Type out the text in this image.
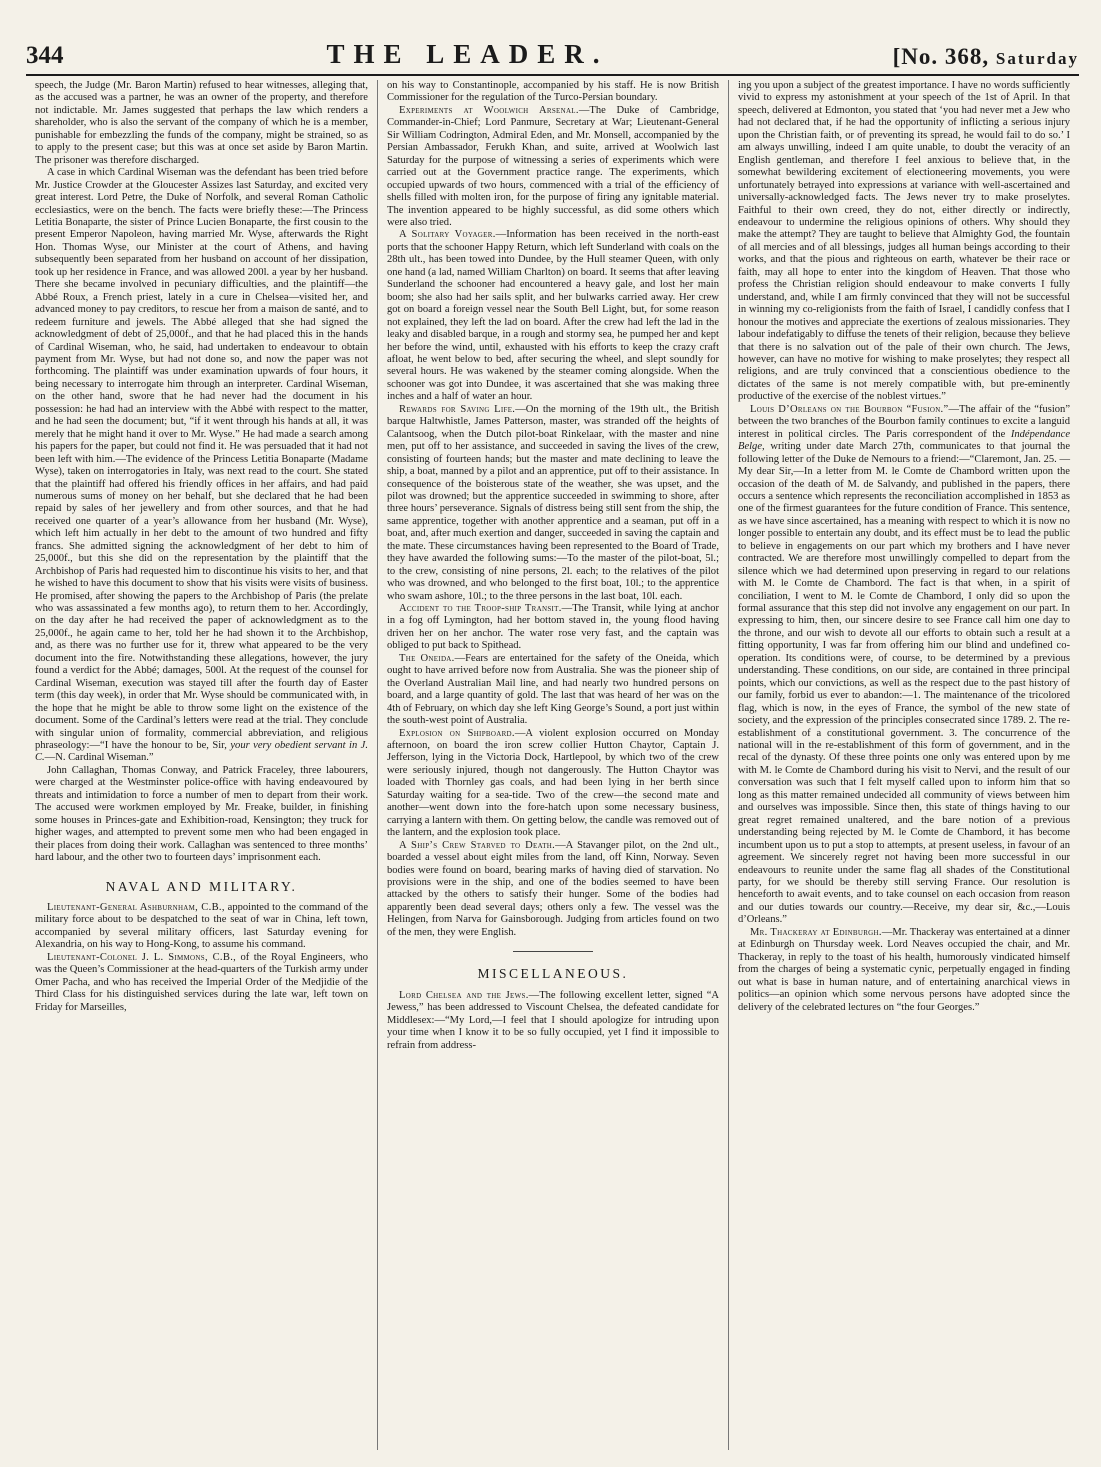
344	THE LEADER.	[No. 368, Saturday

speech, the Judge (Mr. Baron Martin) refused to hear witnesses, alleging that, as the accused was a partner, he was an owner of the property, and therefore not indictable. Mr. James suggested that perhaps the law which renders a shareholder, who is also the servant of the company of which he is a member, punishable for embezzling the funds of the company, might be strained, so as to apply to the present case; but this was at once set aside by Baron Martin. The prisoner was therefore discharged.

A case in which Cardinal Wiseman was the defendant has been tried before Mr. Justice Crowder at the Gloucester Assizes last Saturday, and excited very great interest. Lord Petre, the Duke of Norfolk, and several Roman Catholic ecclesiastics, were on the bench. The facts were briefly these:—The Princess Letitia Bonaparte, the sister of Prince Lucien Bonaparte, the first cousin to the present Emperor Napoleon, having married Mr. Wyse, afterwards the Right Hon. Thomas Wyse, our Minister at the court of Athens, and having subsequently been separated from her husband on account of her dissipation, took up her residence in France, and was allowed 200l. a year by her husband. There she became involved in pecuniary difficulties, and the plaintiff—the Abbé Roux, a French priest, lately in a cure in Chelsea—visited her, and advanced money to pay creditors, to rescue her from a maison de santé, and to redeem furniture and jewels. The Abbé alleged that she had signed the acknowledgment of debt of 25,000f., and that he had placed this in the hands of Cardinal Wiseman, who, he said, had undertaken to endeavour to obtain payment from Mr. Wyse, but had not done so, and now the paper was not forthcoming. The plaintiff was under examination upwards of four hours, it being necessary to interrogate him through an interpreter. Cardinal Wiseman, on the other hand, swore that he had never had the document in his possession: he had had an interview with the Abbé with respect to the matter, and he had seen the document; but, “if it went through his hands at all, it was merely that he might hand it over to Mr. Wyse.” He had made a search among his papers for the paper, but could not find it. He was persuaded that it had not been left with him.—The evidence of the Princess Letitia Bonaparte (Madame Wyse), taken on interrogatories in Italy, was next read to the court. She stated that the plaintiff had offered his friendly offices in her affairs, and had paid numerous sums of money on her behalf, but she declared that he had been repaid by sales of her jewellery and from other sources, and that he had received one quarter of a year’s allowance from her husband (Mr. Wyse), which left him actually in her debt to the amount of two hundred and fifty francs. She admitted signing the acknowledgment of her debt to him of 25,000f., but this she did on the representation by the plaintiff that the Archbishop of Paris had requested him to discontinue his visits to her, and that he wished to have this document to show that his visits were visits of business. He promised, after showing the papers to the Archbishop of Paris (the prelate who was assassinated a few months ago), to return them to her. Accordingly, on the day after he had received the paper of acknowledgment as to the 25,000f., he again came to her, told her he had shown it to the Archbishop, and, as there was no further use for it, threw what appeared to be the very document into the fire. Notwithstanding these allegations, however, the jury found a verdict for the Abbé; damages, 500l. At the request of the counsel for Cardinal Wiseman, execution was stayed till after the fourth day of Easter term (this day week), in order that Mr. Wyse should be communicated with, in the hope that he might be able to throw some light on the existence of the document. Some of the Cardinal’s letters were read at the trial. They conclude with singular union of formality, commercial abbreviation, and religious phraseology:—“I have the honour to be, Sir, your very obedient servant in J. C.—N. Cardinal Wiseman.”

John Callaghan, Thomas Conway, and Patrick Fraceley, three labourers, were charged at the Westminster police-office with having endeavoured by threats and intimidation to force a number of men to depart from their work. The accused were workmen employed by Mr. Freake, builder, in finishing some houses in Princes-gate and Exhibition-road, Kensington; they truck for higher wages, and attempted to prevent some men who had been engaged in their places from doing their work. Callaghan was sentenced to three months’ hard labour, and the other two to fourteen days’ imprisonment each.

NAVAL AND MILITARY.

Lieutenant-General Ashburnham, C.B., appointed to the command of the military force about to be despatched to the seat of war in China, left town, accompanied by several military officers, last Saturday evening for Alexandria, on his way to Hong-Kong, to assume his command.

Lieutenant-Colonel J. L. Simmons, C.B., of the Royal Engineers, who was the Queen’s Commissioner at the head-quarters of the Turkish army under Omer Pacha, and who has received the Imperial Order of the Medjidie of the Third Class for his distinguished services during the late war, left town on Friday for Marseilles,

on his way to Constantinople, accompanied by his staff. He is now British Commissioner for the regulation of the Turco-Persian boundary.

Experiments at Woolwich Arsenal.—The Duke of Cambridge, Commander-in-Chief; Lord Panmure, Secretary at War; Lieutenant-General Sir William Codrington, Admiral Eden, and Mr. Monsell, accompanied by the Persian Ambassador, Ferukh Khan, and suite, arrived at Woolwich last Saturday for the purpose of witnessing a series of experiments which were carried out at the Government practice range. The experiments, which occupied upwards of two hours, commenced with a trial of the efficiency of shells filled with molten iron, for the purpose of firing any ignitable material. The invention appeared to be highly successful, as did some others which were also tried.

A Solitary Voyager.—Information has been received in the north-east ports that the schooner Happy Return, which left Sunderland with coals on the 28th ult., has been towed into Dundee, by the Hull steamer Queen, with only one hand (a lad, named William Charlton) on board. It seems that after leaving Sunderland the schooner had encountered a heavy gale, and lost her main boom; she also had her sails split, and her bulwarks carried away. Her crew got on board a foreign vessel near the South Bell Light, but, for some reason not explained, they left the lad on board. After the crew had left the lad in the leaky and disabled barque, in a rough and stormy sea, he pumped her and kept her before the wind, until, exhausted with his efforts to keep the crazy craft afloat, he went below to bed, after securing the wheel, and slept soundly for several hours. He was wakened by the steamer coming alongside. When the schooner was got into Dundee, it was ascertained that she was making three inches and a half of water an hour.

Rewards for Saving Life.—On the morning of the 19th ult., the British barque Haltwhistle, James Patterson, master, was stranded off the heights of Calantsoog, when the Dutch pilot-boat Rinkelaar, with the master and nine men, put off to her assistance, and succeeded in saving the lives of the crew, consisting of fourteen hands; but the master and mate declining to leave the ship, a boat, manned by a pilot and an apprentice, put off to their assistance. In consequence of the boisterous state of the weather, she was upset, and the pilot was drowned; but the apprentice succeeded in swimming to shore, after three hours’ perseverance. Signals of distress being still sent from the ship, the same apprentice, together with another apprentice and a seaman, put off in a boat, and, after much exertion and danger, succeeded in saving the captain and the mate. These circumstances having been represented to the Board of Trade, they have awarded the following sums:—To the master of the pilot-boat, 5l.; to the crew, consisting of nine persons, 2l. each; to the relatives of the pilot who was drowned, and who belonged to the first boat, 10l.; to the apprentice who swam ashore, 10l.; to the three persons in the last boat, 10l. each.

Accident to the Troop-ship Transit.—The Transit, while lying at anchor in a fog off Lymington, had her bottom staved in, the young flood having driven her on her anchor. The water rose very fast, and the captain was obliged to put back to Spithead.

The Oneida.—Fears are entertained for the safety of the Oneida, which ought to have arrived before now from Australia. She was the pioneer ship of the Overland Australian Mail line, and had nearly two hundred persons on board, and a large quantity of gold. The last that was heard of her was on the 4th of February, on which day she left King George’s Sound, a port just within the south-west point of Australia.

Explosion on Shipboard.—A violent explosion occurred on Monday afternoon, on board the iron screw collier Hutton Chaytor, Captain J. Jefferson, lying in the Victoria Dock, Hartlepool, by which two of the crew were seriously injured, though not dangerously. The Hutton Chaytor was loaded with Thornley gas coals, and had been lying in her berth since Saturday waiting for a sea-tide. Two of the crew—the second mate and another—went down into the fore-hatch upon some necessary business, carrying a lantern with them. On getting below, the candle was removed out of the lantern, and the explosion took place.

A Ship’s Crew Starved to Death.—A Stavanger pilot, on the 2nd ult., boarded a vessel about eight miles from the land, off Kinn, Norway. Seven bodies were found on board, bearing marks of having died of starvation. No provisions were in the ship, and one of the bodies seemed to have been attacked by the others to satisfy their hunger. Some of the bodies had apparently been dead several days; others only a few. The vessel was the Helingen, from Narva for Gainsborough. Judging from articles found on two of the men, they were English.

MISCELLANEOUS.

Lord Chelsea and the Jews.—The following excellent letter, signed “A Jewess,” has been addressed to Viscount Chelsea, the defeated candidate for Middlesex:—“My Lord,—I feel that I should apologize for intruding upon your time when I know it to be so fully occupied, yet I find it impossible to refrain from address-

ing you upon a subject of the greatest importance. I have no words sufficiently vivid to express my astonishment at your speech of the 1st of April. In that speech, delivered at Edmonton, you stated that ‘you had never met a Jew who had not declared that, if he had the opportunity of inflicting a serious injury upon the Christian faith, or of preventing its spread, he would fail to do so.’ I am always unwilling, indeed I am quite unable, to doubt the veracity of an English gentleman, and therefore I feel anxious to believe that, in the somewhat bewildering excitement of electioneering movements, you were unfortunately betrayed into expressions at variance with well-ascertained and universally-acknowledged facts. The Jews never try to make proselytes. Faithful to their own creed, they do not, either directly or indirectly, endeavour to undermine the religious opinions of others. Why should they make the attempt? They are taught to believe that Almighty God, the fountain of all mercies and of all blessings, judges all human beings according to their works, and that the pious and righteous on earth, whatever be their race or faith, may all hope to enter into the kingdom of Heaven. That those who profess the Christian religion should endeavour to make converts I fully understand, and, while I am firmly convinced that they will not be successful in winning my co-religionists from the faith of Israel, I candidly confess that I honour the motives and appreciate the exertions of zealous missionaries. They labour indefatigably to diffuse the tenets of their religion, because they believe that there is no salvation out of the pale of their own church. The Jews, however, can have no motive for wishing to make proselytes; they respect all religions, and are truly convinced that a conscientious obedience to the dictates of the same is not merely compatible with, but pre-eminently productive of the exercise of the noblest virtues.”

Louis D’Orleans on the Bourbon “Fusion.”—The affair of the “fusion” between the two branches of the Bourbon family continues to excite a languid interest in political circles. The Paris correspondent of the Indépendance Belge, writing under date March 27th, communicates to that journal the following letter of the Duke de Nemours to a friend:—“Claremont, Jan. 25. —My dear Sir,—In a letter from M. le Comte de Chambord written upon the occasion of the death of M. de Salvandy, and published in the papers, there occurs a sentence which represents the reconciliation accomplished in 1853 as one of the firmest guarantees for the future condition of France. This sentence, as we have since ascertained, has a meaning with respect to which it is now no longer possible to entertain any doubt, and its effect must be to lead the public to believe in engagements on our part which my brothers and I have never contracted. We are therefore most unwillingly compelled to depart from the silence which we had determined upon preserving in regard to our relations with M. le Comte de Chambord. The fact is that when, in a spirit of conciliation, I went to M. le Comte de Chambord, I only did so upon the formal assurance that this step did not involve any engagement on our part. In expressing to him, then, our sincere desire to see France call him one day to the throne, and our wish to devote all our efforts to obtain such a result at a fitting opportunity, I was far from offering him our blind and undefined co-operation. Its conditions were, of course, to be determined by a previous understanding. These conditions, on our side, are contained in three principal points, which our convictions, as well as the respect due to the past history of our family, forbid us ever to abandon:—1. The maintenance of the tricolored flag, which is now, in the eyes of France, the symbol of the new state of society, and the expression of the principles consecrated since 1789. 2. The re-establishment of a constitutional government. 3. The concurrence of the national will in the re-establishment of this form of government, and in the recal of the dynasty. Of these three points one only was entered upon by me with M. le Comte de Chambord during his visit to Nervi, and the result of our conversation was such that I felt myself called upon to inform him that so long as this matter remained undecided all community of views between him and ourselves was impossible. Since then, this state of things having to our great regret remained unaltered, and the bare notion of a previous understanding being rejected by M. le Comte de Chambord, it has become incumbent upon us to put a stop to attempts, at present useless, in favour of an agreement. We sincerely regret not having been more successful in our endeavours to reunite under the same flag all shades of the Constitutional party, for we should be thereby still serving France. Our resolution is henceforth to await events, and to take counsel on each occasion from reason and our duties towards our country.—Receive, my dear sir, &c.,—Louis d’Orleans.”

Mr. Thackeray at Edinburgh.—Mr. Thackeray was entertained at a dinner at Edinburgh on Thursday week. Lord Neaves occupied the chair, and Mr. Thackeray, in reply to the toast of his health, humorously vindicated himself from the charges of being a systematic cynic, perpetually engaged in finding out what is base in human nature, and of entertaining anarchical views in politics—an opinion which some nervous persons have adopted since the delivery of the celebrated lectures on “the four Georges.”
